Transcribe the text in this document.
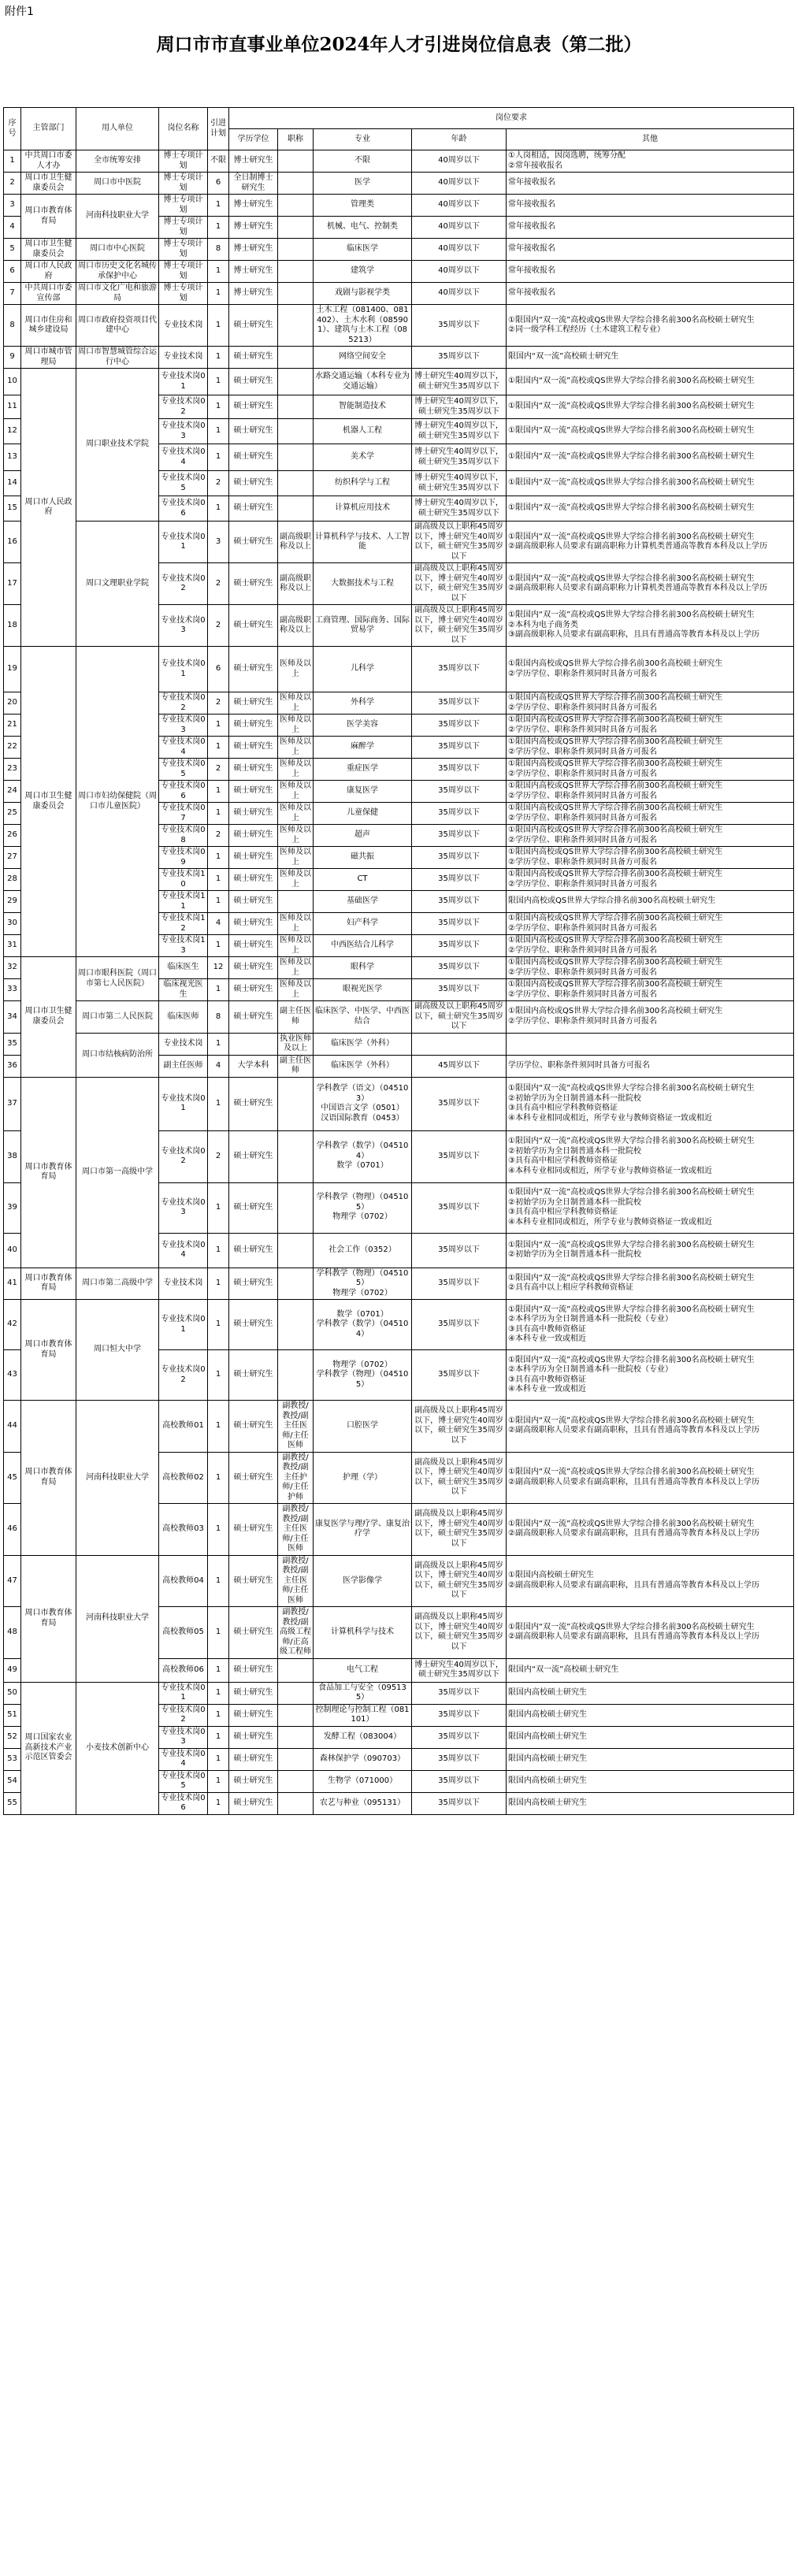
附件1
周口市市直事业单位2024年人才引进岗位信息表（第二批）
序号	主管部门	用人单位	岗位名称	引进计划	岗位要求				
					学历学位	职称	专业	年龄	其他
1	中共周口市委人才办	全市统筹安排	博士专项计划	不限	博士研究生		不限	40周岁以下	①人岗相适，因岗选聘，统筹分配
②常年接收报名
2	周口市卫生健康委员会	周口市中医院	博士专项计划	6	全日制博士研究生		医学	40周岁以下	常年接收报名
3	周口市教育体育局	河南科技职业大学	博士专项计划	1	博士研究生		管理类	40周岁以下	常年接收报名
4			博士专项计划	1	博士研究生		机械、电气、控制类	40周岁以下	常年接收报名
5	周口市卫生健康委员会	周口市中心医院	博士专项计划	8	博士研究生		临床医学	40周岁以下	常年接收报名
6	周口市人民政府	周口市历史文化名城传承保护中心	博士专项计划	1	博士研究生		建筑学	40周岁以下	常年接收报名
7	中共周口市委宣传部	周口市文化广电和旅游局	博士专项计划	1	博士研究生		戏剧与影视学类	40周岁以下	常年接收报名
8	周口市住房和城乡建设局	周口市政府投资项目代建中心	专业技术岗	1	硕士研究生		土木工程（081400、081402）、土木水利（085901）、建筑与土木工程（085213）	35周岁以下	①限国内“双一流”高校或QS世界大学综合排名前300名高校硕士研究生
②同一级学科工程经历（土木建筑工程专业）
9	周口市城市管理局	周口市智慧城管综合运行中心	专业技术岗	1	硕士研究生		网络空间安全	35周岁以下	限国内“双一流”高校硕士研究生
10	周口市人民政府	周口职业技术学院	专业技术岗01	1	硕士研究生		水路交通运输（本科专业为交通运输）	博士研究生40周岁以下，硕士研究生35周岁以下	①限国内“双一流”高校或QS世界大学综合排名前300名高校硕士研究生
11			专业技术岗02	1	硕士研究生		智能制造技术	博士研究生40周岁以下，硕士研究生35周岁以下	①限国内“双一流”高校或QS世界大学综合排名前300名高校硕士研究生
12			专业技术岗03	1	硕士研究生		机器人工程	博士研究生40周岁以下，硕士研究生35周岁以下	①限国内“双一流”高校或QS世界大学综合排名前300名高校硕士研究生
13			专业技术岗04	1	硕士研究生		美术学	博士研究生40周岁以下，硕士研究生35周岁以下	①限国内“双一流”高校或QS世界大学综合排名前300名高校硕士研究生
14			专业技术岗05	2	硕士研究生		纺织科学与工程	博士研究生40周岁以下，硕士研究生35周岁以下	①限国内“双一流”高校或QS世界大学综合排名前300名高校硕士研究生
15			专业技术岗06	1	硕士研究生		计算机应用技术	博士研究生40周岁以下，硕士研究生35周岁以下	①限国内“双一流”高校或QS世界大学综合排名前300名高校硕士研究生
16		周口文理职业学院	专业技术岗01	3	硕士研究生	副高级职称及以上	计算机科学与技术、人工智能	副高级及以上职称45周岁以下，博士研究生40周岁以下，硕士研究生35周岁以下	①限国内“双一流”高校或QS世界大学综合排名前300名高校硕士研究生
②副高级职称人员要求有副高职称力计算机类普通高等教育本科及以上学历
17			专业技术岗02	2	硕士研究生	副高级职称及以上	大数据技术与工程	副高级及以上职称45周岁以下，博士研究生40周岁以下，硕士研究生35周岁以下	①限国内“双一流”高校或QS世界大学综合排名前300名高校硕士研究生
②副高级职称人员要求有副高职称力计算机类普通高等教育本科及以上学历
18			专业技术岗03	2	硕士研究生	副高级职称及以上	工商管理、国际商务、国际贸易学	副高级及以上职称45周岁以下，博士研究生40周岁以下，硕士研究生35周岁以下	①限国内“双一流”高校或QS世界大学综合排名前300名高校硕士研究生
②本科为电子商务类
③副高级职称人员要求有副高职称，且具有普通高等教育本科及以上学历
19	周口市卫生健康委员会	周口市妇幼保健院（周口市儿童医院）	专业技术岗01	6	硕士研究生	医师及以上	儿科学	35周岁以下	①限国内高校或QS世界大学综合排名前300名高校硕士研究生
②学历学位、职称条件须同时具备方可报名
20			专业技术岗02	2	硕士研究生	医师及以上	外科学	35周岁以下	①限国内高校或QS世界大学综合排名前300名高校硕士研究生
②学历学位、职称条件须同时具备方可报名
21			专业技术岗03	1	硕士研究生	医师及以上	医学美容	35周岁以下	①限国内高校或QS世界大学综合排名前300名高校硕士研究生
②学历学位、职称条件须同时具备方可报名
22			专业技术岗04	1	硕士研究生	医师及以上	麻醉学	35周岁以下	①限国内高校或QS世界大学综合排名前300名高校硕士研究生
②学历学位、职称条件须同时具备方可报名
23			专业技术岗05	2	硕士研究生	医师及以上	重症医学	35周岁以下	①限国内高校或QS世界大学综合排名前300名高校硕士研究生
②学历学位、职称条件须同时具备方可报名
24			专业技术岗06	1	硕士研究生	医师及以上	康复医学	35周岁以下	①限国内高校或QS世界大学综合排名前300名高校硕士研究生
②学历学位、职称条件须同时具备方可报名
25			专业技术岗07	1	硕士研究生	医师及以上	儿童保健	35周岁以下	①限国内高校或QS世界大学综合排名前300名高校硕士研究生
②学历学位、职称条件须同时具备方可报名
26			专业技术岗08	2	硕士研究生	医师及以上	超声	35周岁以下	①限国内高校或QS世界大学综合排名前300名高校硕士研究生
②学历学位、职称条件须同时具备方可报名
27			专业技术岗09	1	硕士研究生	医师及以上	磁共振	35周岁以下	①限国内高校或QS世界大学综合排名前300名高校硕士研究生
②学历学位、职称条件须同时具备方可报名
28			专业技术岗10	1	硕士研究生	医师及以上	CT	35周岁以下	①限国内高校或QS世界大学综合排名前300名高校硕士研究生
②学历学位、职称条件须同时具备方可报名
29			专业技术岗11	1	硕士研究生		基础医学	35周岁以下	限国内高校或QS世界大学综合排名前300名高校硕士研究生
30			专业技术岗12	4	硕士研究生	医师及以上	妇产科学	35周岁以下	①限国内高校或QS世界大学综合排名前300名高校硕士研究生
②学历学位、职称条件须同时具备方可报名
31			专业技术岗13	1	硕士研究生	医师及以上	中西医结合儿科学	35周岁以下	①限国内高校或QS世界大学综合排名前300名高校硕士研究生
②学历学位、职称条件须同时具备方可报名
32	周口市卫生健康委员会	周口市眼科医院（周口市第七人民医院）	临床医生	12	硕士研究生	医师及以上	眼科学	35周岁以下	①限国内高校或QS世界大学综合排名前300名高校硕士研究生
②学历学位、职称条件须同时具备方可报名
33			临床视光医生	1	硕士研究生	医师及以上	眼视光医学	35周岁以下	①限国内高校或QS世界大学综合排名前300名高校硕士研究生
②学历学位、职称条件须同时具备方可报名
34		周口市第二人民医院	临床医师	8	硕士研究生	副主任医师	临床医学、中医学、中西医结合	副高级及以上职称45周岁以下，硕士研究生35周岁以下	①限国内高校或QS世界大学综合排名前300名高校硕士研究生
②学历学位、职称条件须同时具备方可报名
35		周口市结核病防治所	专业技术岗	1		执业医师及以上	临床医学（外科）		
36			副主任医师	4	大学本科	副主任医师	临床医学（外科）	45周岁以下	学历学位、职称条件须同时具备方可报名
37	周口市教育体育局	周口市第一高级中学	专业技术岗01	1	硕士研究生		学科教学（语文）（045103）
中国语言文学（0501）
汉语国际教育（0453）	35周岁以下	①限国内“双一流”高校或QS世界大学综合排名前300名高校硕士研究生
②初始学历为全日制普通本科一批院校
③具有高中相应学科教师资格证
④本科专业相同或相近，所学专业与教师资格证一致或相近
38			专业技术岗02	2	硕士研究生		学科教学（数学）（045104）
数学（0701）	35周岁以下	①限国内“双一流”高校或QS世界大学综合排名前300名高校硕士研究生
②初始学历为全日制普通本科一批院校
③具有高中相应学科教师资格证
④本科专业相同或相近，所学专业与教师资格证一致或相近
39			专业技术岗03	1	硕士研究生		学科教学（物理）（045105）
物理学（0702）	35周岁以下	①限国内“双一流”高校或QS世界大学综合排名前300名高校硕士研究生
②初始学历为全日制普通本科一批院校
③具有高中相应学科教师资格证
④本科专业相同或相近，所学专业与教师资格证一致或相近
40			专业技术岗04	1	硕士研究生		社会工作（0352）	35周岁以下	①限国内“双一流”高校或QS世界大学综合排名前300名高校硕士研究生
②初始学历为全日制普通本科一批院校
41	周口市教育体育局	周口市第二高级中学	专业技术岗	1	硕士研究生		学科教学（物理）（045105）
物理学（0702）	35周岁以下	①限国内“双一流”高校或QS世界大学综合排名前300名高校硕士研究生
②具有高中以上相应学科教师资格证
42	周口市教育体育局	周口恒大中学	专业技术岗01	1	硕士研究生		数学（0701）
学科教学（数学）（045104）	35周岁以下	①限国内“双一流”高校或QS世界大学综合排名前300名高校硕士研究生
②本科学历为全日制普通本科一批院校（专业）
③具有高中教师资格证
④本科专业一致或相近
43			专业技术岗02	1	硕士研究生		物理学（0702）
学科教学（物理）（045105）	35周岁以下	①限国内“双一流”高校或QS世界大学综合排名前300名高校硕士研究生
②本科学历为全日制普通本科一批院校（专业）
③具有高中教师资格证
④本科专业一致或相近
44	周口市教育体育局	河南科技职业大学	高校教师01	1	硕士研究生	副教授/教授/副主任医师/主任医师	口腔医学	副高级及以上职称45周岁以下，博士研究生40周岁以下，硕士研究生35周岁以下	①限国内“双一流”高校或QS世界大学综合排名前300名高校硕士研究生
②副高级职称人员要求有副高职称，且具有普通高等教育本科及以上学历
45			高校教师02	1	硕士研究生	副教授/教授/副主任护师/主任护师	护理（学）	副高级及以上职称45周岁以下，博士研究生40周岁以下，硕士研究生35周岁以下	①限国内“双一流”高校或QS世界大学综合排名前300名高校硕士研究生
②副高级职称人员要求有副高职称，且具有普通高等教育本科及以上学历
46			高校教师03	1	硕士研究生	副教授/教授/副主任医师/主任医师	康复医学与理疗学、康复治疗学	副高级及以上职称45周岁以下，博士研究生40周岁以下，硕士研究生35周岁以下	①限国内“双一流”高校或QS世界大学综合排名前300名高校硕士研究生
②副高级职称人员要求有副高职称，且具有普通高等教育本科及以上学历
47	周口市教育体育局	河南科技职业大学	高校教师04	1	硕士研究生	副教授/教授/副主任医师/主任医师	医学影像学	副高级及以上职称45周岁以下，博士研究生40周岁以下，硕士研究生35周岁以下	①限国内高校硕士研究生
②副高级职称人员要求有副高职称，且具有普通高等教育本科及以上学历
48			高校教师05	1	硕士研究生	副教授/教授/副高级工程师/正高级工程师	计算机科学与技术	副高级及以上职称45周岁以下，博士研究生40周岁以下，硕士研究生35周岁以下	①限国内“双一流”高校或QS世界大学综合排名前300名高校硕士研究生
②副高级职称人员要求有副高职称，且具有普通高等教育本科及以上学历
49			高校教师06	1	硕士研究生		电气工程	博士研究生40周岁以下，硕士研究生35周岁以下	限国内“双一流”高校硕士研究生
50	周口国家农业高新技术产业示范区管委会	小麦技术创新中心	专业技术岗01	1	硕士研究生		食品加工与安全（095135）	35周岁以下	限国内高校硕士研究生
51			专业技术岗02	1	硕士研究生		控制理论与控制工程（081101）	35周岁以下	限国内高校硕士研究生
52			专业技术岗03	1	硕士研究生		发酵工程（083004）	35周岁以下	限国内高校硕士研究生
53			专业技术岗04	1	硕士研究生		森林保护学（090703）	35周岁以下	限国内高校硕士研究生
54			专业技术岗05	1	硕士研究生		生物学（071000）	35周岁以下	限国内高校硕士研究生
55			专业技术岗06	1	硕士研究生		农艺与种业（095131）	35周岁以下	限国内高校硕士研究生
